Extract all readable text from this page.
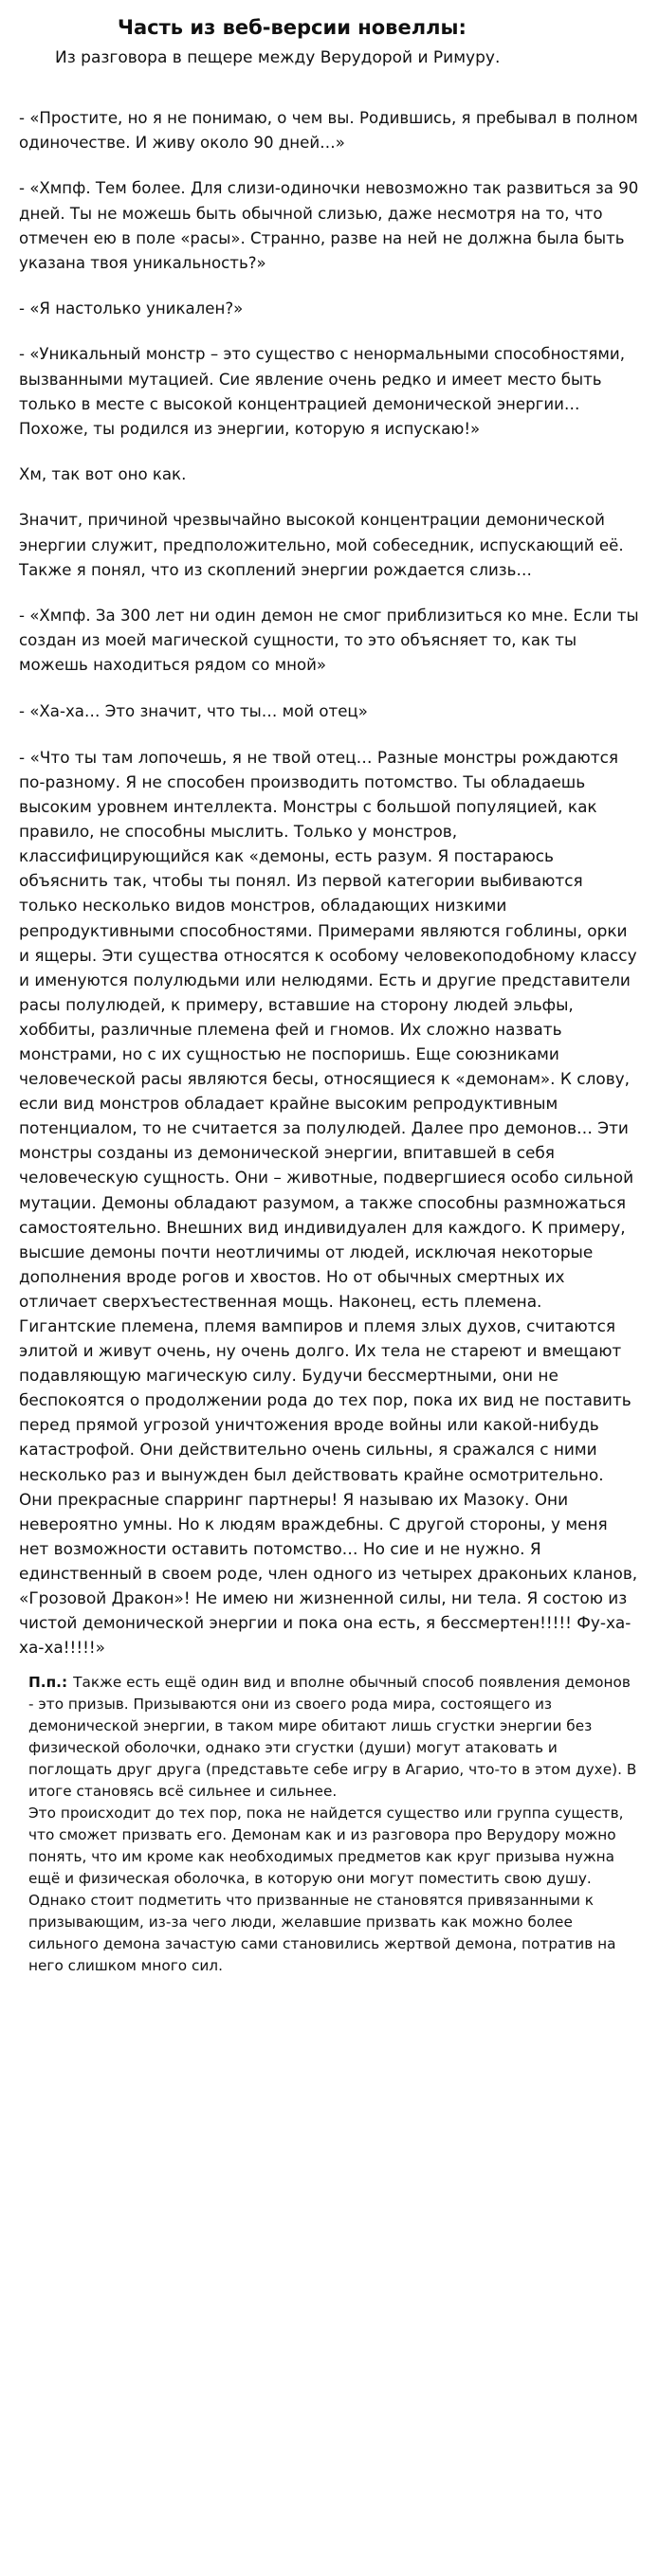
Часть из веб-версии новеллы:
Из разговора в пещере между Верудорой и Римуру.

- «Простите, но я не понимаю, о чем вы. Родившись, я пребывал в полном одиночестве. И живу около 90 дней…»

- «Хмпф. Тем более. Для слизи-одиночки невозможно так развиться за 90 дней. Ты не можешь быть обычной слизью, даже несмотря на то, что отмечен ею в поле «расы». Странно, разве на ней не должна была быть указана твоя уникальность?»

- «Я настолько уникален?»

- «Уникальный монстр – это существо с ненормальными способностями, вызванными мутацией. Сие явление очень редко и имеет место быть только в месте с высокой концентрацией демонической энергии… Похоже, ты родился из энергии, которую я испускаю!»

Хм, так вот оно как.

Значит, причиной чрезвычайно высокой концентрации демонической энергии служит, предположительно, мой собеседник, испускающий её. Также я понял, что из скоплений энергии рождается слизь…

- «Хмпф. За 300 лет ни один демон не смог приблизиться ко мне. Если ты создан из моей магической сущности, то это объясняет то, как ты можешь находиться рядом со мной»

- «Ха-ха… Это значит, что ты… мой отец»

- «Что ты там лопочешь, я не твой отец… Разные монстры рождаются по-разному. Я не способен производить потомство. Ты обладаешь высоким уровнем интеллекта. Монстры с большой популяцией, как правило, не способны мыслить. Только у монстров, классифицирующийся как «демоны, есть разум. Я постараюсь объяснить так, чтобы ты понял. Из первой категории выбиваются только несколько видов монстров, обладающих низкими репродуктивными способностями. Примерами являются гоблины, орки и ящеры. Эти существа относятся к особому человекоподобному классу и именуются полулюдьми или нелюдями. Есть и другие представители расы полулюдей, к примеру, вставшие на сторону людей эльфы, хоббиты, различные племена фей и гномов. Их сложно назвать монстрами, но с их сущностью не поспоришь. Еще союзниками человеческой расы являются бесы, относящиеся к «демонам». К слову, если вид монстров обладает крайне высоким репродуктивным потенциалом, то не считается за полулюдей. Далее про демонов… Эти монстры созданы из демонической энергии, впитавшей в себя человеческую сущность. Они – животные, подвергшиеся особо сильной мутации. Демоны обладают разумом, а также способны размножаться самостоятельно. Внешних вид индивидуален для каждого. К примеру, высшие демоны почти неотличимы от людей, исключая некоторые дополнения вроде рогов и хвостов. Но от обычных смертных их отличает сверхъестественная мощь. Наконец, есть племена. Гигантские племена, племя вампиров и племя злых духов, считаются элитой и живут очень, ну очень долго. Их тела не стареют и вмещают подавляющую магическую силу. Будучи бессмертными, они не беспокоятся о продолжении рода до тех пор, пока их вид не поставить перед прямой угрозой уничтожения вроде войны или какой-нибудь катастрофой. Они действительно очень сильны, я сражался с ними несколько раз и вынужден был действовать крайне осмотрительно. Они прекрасные спарринг партнеры! Я называю их Мазоку. Они невероятно умны. Но к людям враждебны. С другой стороны, у меня нет возможности оставить потомство… Но сие и не нужно. Я единственный в своем роде, член одного из четырех драконьих кланов, «Грозовой Дракон»! Не имею ни жизненной силы, ни тела. Я состою из чистой демонической энергии и пока она есть, я бессмертен!!!!! Фу-ха-ха-ха!!!!!»

П.п.: Также есть ещё один вид и вполне обычный способ появления демонов - это призыв. Призываются они из своего рода мира, состоящего из демонической энергии, в таком мире обитают лишь сгустки энергии без физической оболочки, однако эти сгустки (души) могут атаковать и поглощать друг друга (представьте себе игру в Агарио, что-то в этом духе). В итоге становясь всё сильнее и сильнее.
Это происходит до тех пор, пока не найдется существо или группа существ, что сможет призвать его. Демонам как и из разговора про Верудору можно понять, что им кроме как необходимых предметов как круг призыва нужна ещё и физическая оболочка, в которую они могут поместить свою душу. Однако стоит подметить что призванные не становятся привязанными к призывающим, из-за чего люди, желавшие призвать как можно более сильного демона зачастую сами становились жертвой демона, потратив на него слишком много сил.
